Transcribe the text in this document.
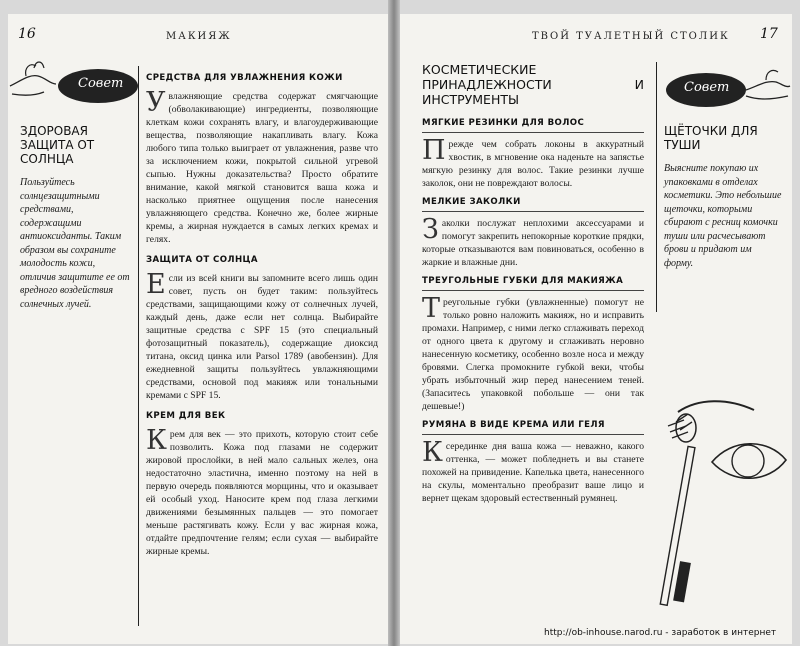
16	МАКИЯЖ
Совет
ЗДОРОВАЯ ЗАЩИТА ОТ СОЛНЦА
Пользуйтесь солнцезащитными средствами, содержащими антиоксиданты. Таким образом вы сохраните молодость кожи, отличив защитите ее от вредного воздействия солнечных лучей.
СРЕДСТВА ДЛЯ УВЛАЖНЕНИЯ КОЖИ

Увлажняющие средства содержат смягчающие (обволакивающие) ингредиенты, позволяющие клеткам кожи сохранять влагу, и влагоудерживающие вещества, позволяющие накапливать влагу. Кожа любого типа только выиграет от увлажнения, разве что за исключением кожи, покрытой сильной угревой сыпью. Нужны доказательства? Просто обратите внимание, какой мягкой становится ваша кожа и насколько приятнее ощущения после нанесения увлажняющего средства. Конечно же, более жирные кремы, а жирная нуждается в самых легких кремах и гелях.

ЗАЩИТА ОТ СОЛНЦА

Если из всей книги вы запомните всего лишь один совет, пусть он будет таким: пользуйтесь средствами, защищающими кожу от солнечных лучей, каждый день, даже если нет солнца. Выбирайте защитные средства с SPF 15 (это специальный фотозащитный показатель), содержащие диоксид титана, оксид цинка или Parsol 1789 (авобензин). Для ежедневной защиты пользуйтесь увлажняющими средствами, основой под макияж или тональными кремами с SPF 15.

КРЕМ ДЛЯ ВЕК

Крем для век — это прихоть, которую стоит себе позволить. Кожа под глазами не содержит жировой прослойки, в ней мало сальных желез, она недостаточно эластична, именно поэтому на ней в первую очередь появляются морщины, что и оказывает ей особый уход. Наносите крем под глаза легкими движениями безымянных пальцев — это помогает меньше растягивать кожу. Если у вас жирная кожа, отдайте предпочтение гелям; если сухая — выбирайте жирные кремы.

ТВОЙ ТУАЛЕТНЫЙ СТОЛИК 17
КОСМЕТИЧЕСКИЕ ПРИНАДЛЕЖНОСТИ И ИНСТРУМЕНТЫ
МЯГКИЕ РЕЗИНКИ ДЛЯ ВОЛОС

Прежде чем собрать локоны в аккуратный хвостик, в мгновение ока наденьте на запястье мягкую резинку для волос. Такие резинки лучше заколок, они не повреждают волосы.

МЕЛКИЕ ЗАКОЛКИ

Заколки послужат неплохими аксессуарами и помогут закрепить непокорные короткие прядки, которые отказываются вам повиноваться, особенно в жаркие и влажные дни.

ТРЕУГОЛЬНЫЕ ГУБКИ ДЛЯ МАКИЯЖА

Треугольные губки (увлажненные) помогут не только ровно наложить макияж, но и исправить промахи. Например, с ними легко сглаживать переход от одного цвета к другому и сглаживать неровно нанесенную косметику, особенно возле носа и между бровями. Слегка промокните губкой веки, чтобы убрать избыточный жир перед нанесением теней. (Запаситесь упаковкой побольше — они так дешевые!)

РУМЯНА В ВИДЕ КРЕМА ИЛИ ГЕЛЯ

Ксерединке дня ваша кожа — неважно, какого оттенка, — может побледнеть и вы станете похожей на привидение. Капелька цвета, нанесенного на скулы, моментально преобразит ваше лицо и вернет щекам здоровый естественный румянец.

Совет
ЩЁТОЧКИ ДЛЯ ТУШИ
Выясните покупаю их упаковками в отделах косметики. Это небольшие щеточки, которыми сбирают с ресниц комочки туши или расчесывают брови и придают им форму.
http://ob-inhouse.narod.ru - заработок в интернет
